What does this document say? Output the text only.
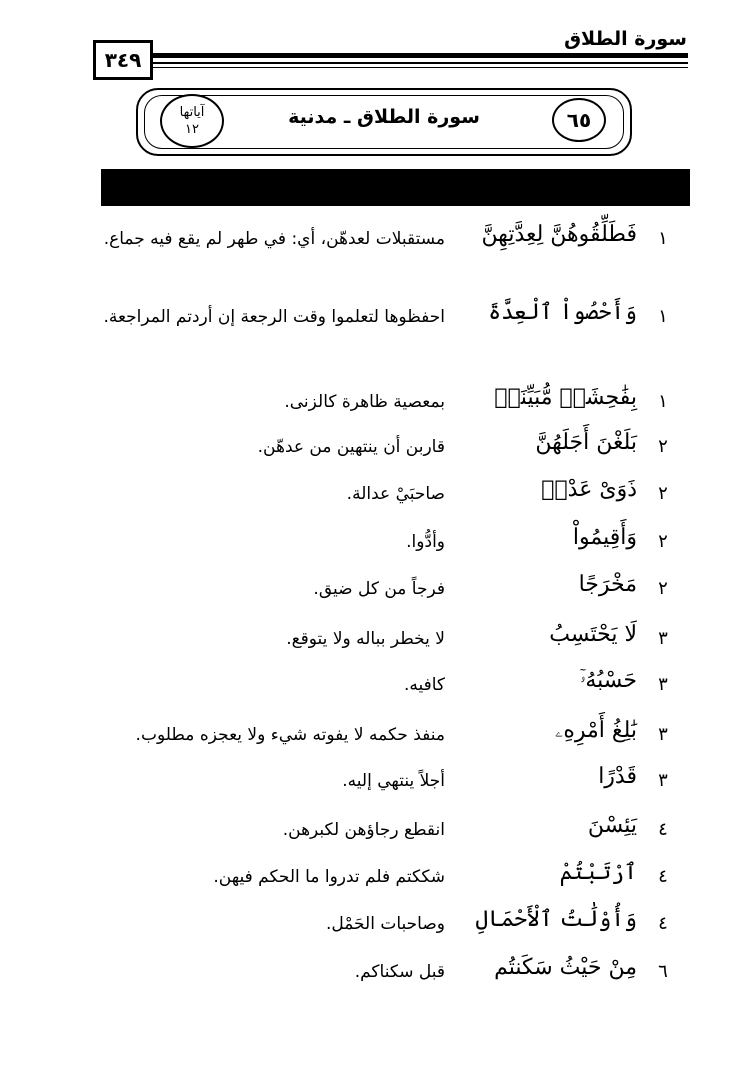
سورة الطلاق
٣٤٩
سورة الطلاق ـ مدنية	٦٥
آياتها
١٢
١
فَطَلِّقُوهُنَّ لِعِدَّتِهِنَّ
مستقبلات لعدهّن، أي: في طهر لم يقع فيه جماع.
١
وَأَحْصُواْ ٱلْعِدَّةَ
احفظوها لتعلموا وقت الرجعة إن أردتم المراجعة.
١
بِفَٰحِشَةٖ مُّبَيِّنَةٖ
بمعصية ظاهرة كالزنى.
٢
بَلَغْنَ أَجَلَهُنَّ
قاربن أن ينتهين من عدهّن.
٢
ذَوَىْ عَدْلٖ
صاحبَيْ عدالة.
٢
وَأَقِيمُواْ
وأدُّوا.
٢
مَخْرَجًا
فرجاً من كل ضيق.
٣
لَا يَحْتَسِبُ
لا يخطر بباله ولا يتوقع.
٣
حَسْبُهُۥٓ
كافيه.
٣
بَٰلِغُ أَمْرِهِۦ
منفذ حكمه لا يفوته شيء ولا يعجزه مطلوب.
٣
قَدْرًا
أجلاً ينتهي إليه.
٤
يَئِسْنَ
انقطع رجاؤهن لكبرهن.
٤
ٱرْتَبْتُمْ
شككتم فلم تدروا ما الحكم فيهن.
٤
وَأُوْلَٰتُ ٱلْأَحْمَالِ
وصاحبات الحَمْل.
٦
مِنْ حَيْثُ سَكَنتُم
قبل سكناكم.
